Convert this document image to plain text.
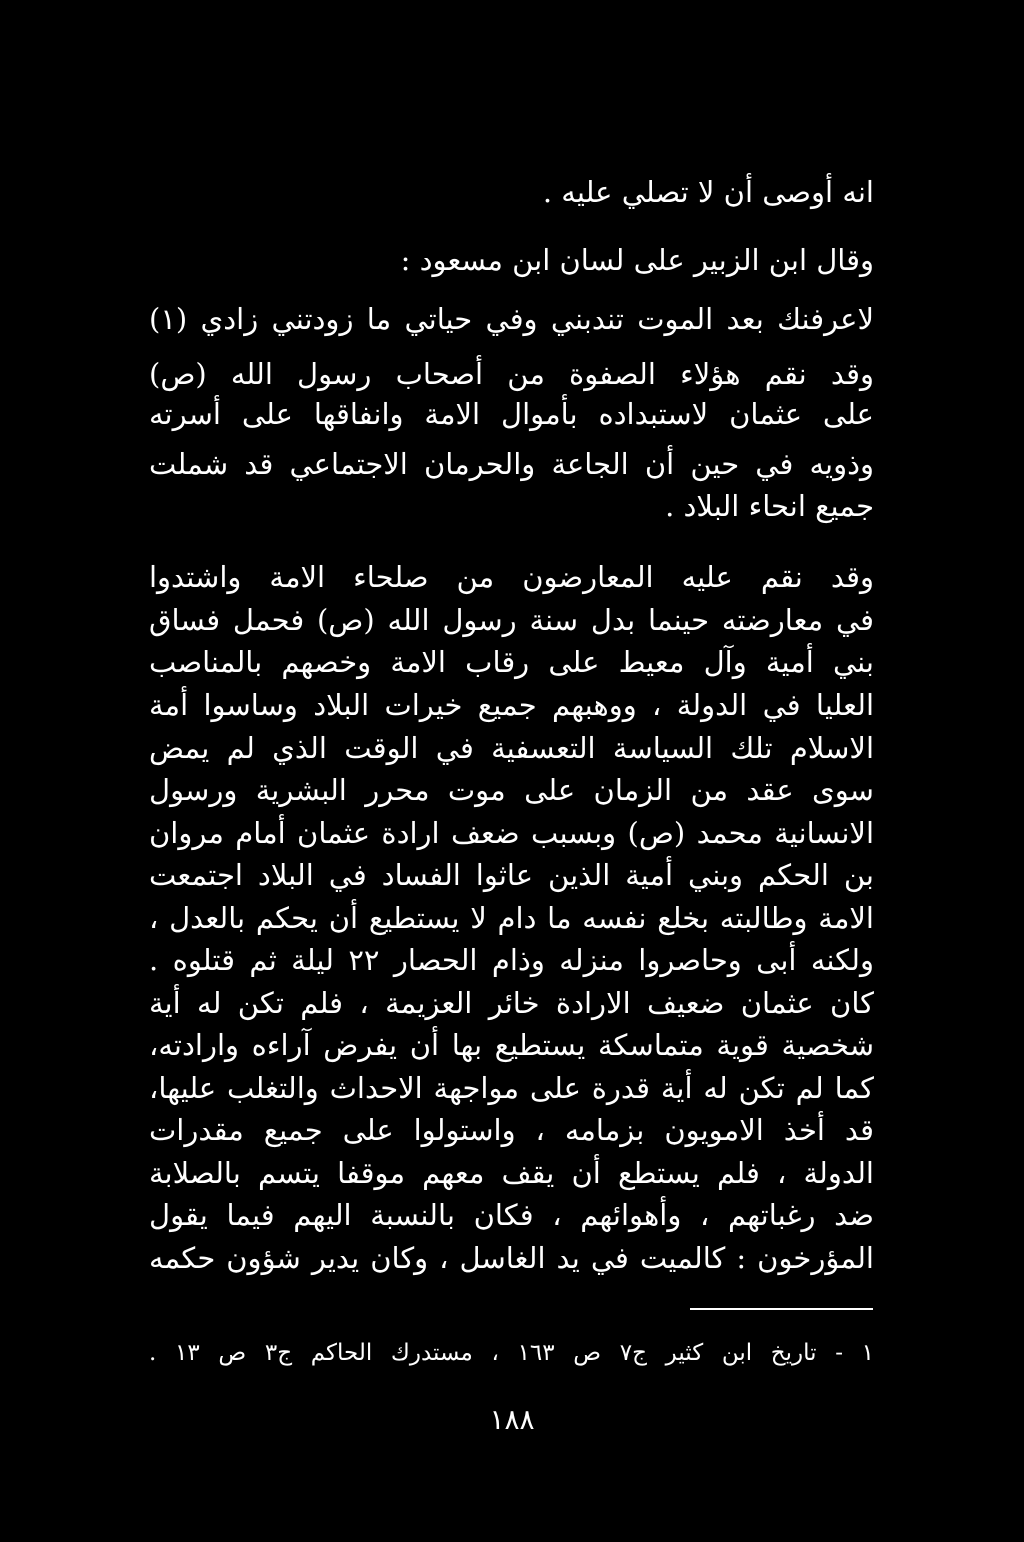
انه أوصى أن لا تصلي عليه .
وقال ابن الزبير على لسان ابن مسعود :
لاعرفنك بعد الموت تندبني وفي حياتي ما زودتني زادي (١)
وقد نقم هؤلاء الصفوة من أصحاب رسول الله (ص)
على عثمان لاستبداده بأموال الامة وانفاقها على أسرته
وذويه في حين أن الجاعة والحرمان الاجتماعي قد شملت
جميع انحاء البلاد .
وقد نقم عليه المعارضون من صلحاء الامة واشتدوا
في معارضته حينما بدل سنة رسول الله (ص) فحمل فساق
بني أمية وآل معيط على رقاب الامة وخصهم بالمناصب
العليا في الدولة ، ووهبهم جميع خيرات البلاد وساسوا أمة
الاسلام تلك السياسة التعسفية في الوقت الذي لم يمض
سوى عقد من الزمان على موت محرر البشرية ورسول
الانسانية محمد (ص) وبسبب ضعف ارادة عثمان أمام مروان
بن الحكم وبني أمية الذين عاثوا الفساد في البلاد اجتمعت
الامة وطالبته بخلع نفسه ما دام لا يستطيع أن يحكم بالعدل ،
ولكنه أبى وحاصروا منزله وذام الحصار ٢٢ ليلة ثم قتلوه .
كان عثمان ضعيف الارادة خائر العزيمة ، فلم تكن له أية
شخصية قوية متماسكة يستطيع بها أن يفرض آراءه وارادته،
كما لم تكن له أية قدرة على مواجهة الاحداث والتغلب عليها،
قد أخذ الامويون بزمامه ، واستولوا على جميع مقدرات
الدولة ، فلم يستطع أن يقف معهم موقفا يتسم بالصلابة
ضد رغباتهم ، وأهوائهم ، فكان بالنسبة اليهم فيما يقول
المؤرخون : كالميت في يد الغاسل ، وكان يدير شؤون حكمه
١ - تاريخ ابن كثير ج٧ ص ١٦٣ ، مستدرك الحاكم ج٣ ص ١٣ .
١٨٨
